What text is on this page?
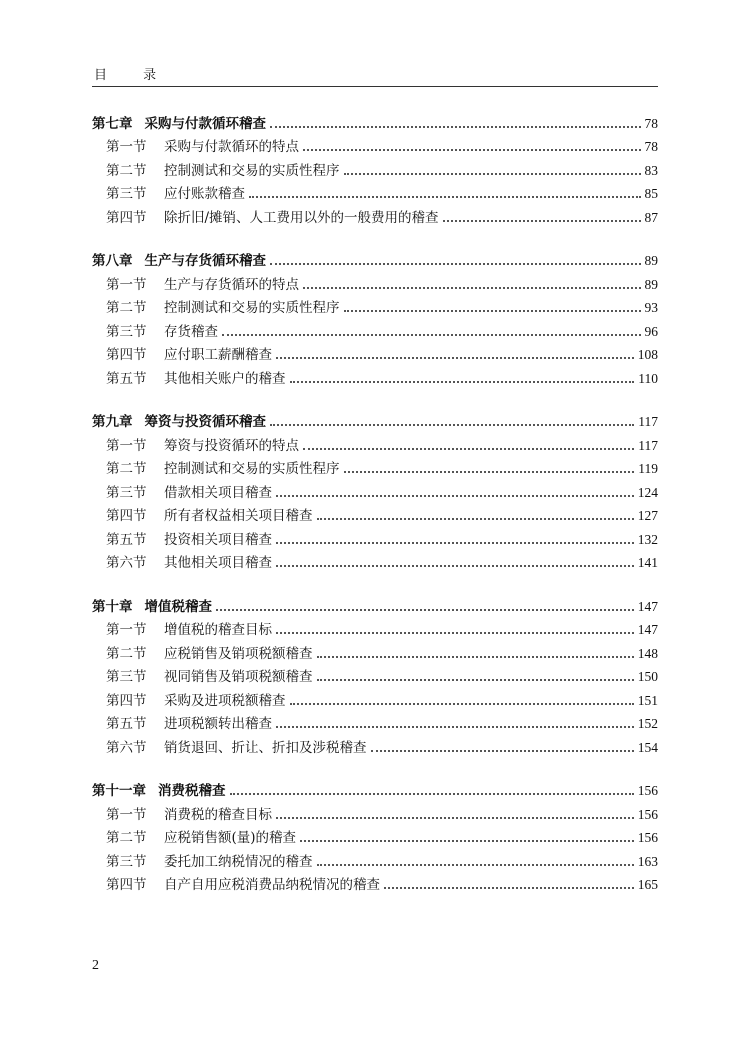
目 录
第七章 采购与付款循环稽查	78
第一节	采购与付款循环的特点	78
第二节	控制测试和交易的实质性程序	83
第三节	应付账款稽查	85
第四节	除折旧/摊销、人工费用以外的一般费用的稽查	87
第八章 生产与存货循环稽查	89
第一节	生产与存货循环的特点	89
第二节	控制测试和交易的实质性程序	93
第三节	存货稽查	96
第四节	应付职工薪酬稽查	108
第五节	其他相关账户的稽查	110
第九章 筹资与投资循环稽查	117
第一节	筹资与投资循环的特点	117
第二节	控制测试和交易的实质性程序	119
第三节	借款相关项目稽查	124
第四节	所有者权益相关项目稽查	127
第五节	投资相关项目稽查	132
第六节	其他相关项目稽查	141
第十章 增值税稽查	147
第一节	增值税的稽查目标	147
第二节	应税销售及销项税额稽查	148
第三节	视同销售及销项税额稽查	150
第四节	采购及进项税额稽查	151
第五节	进项税额转出稽查	152
第六节	销货退回、折让、折扣及涉税稽查	154
第十一章 消费税稽查	156
第一节	消费税的稽查目标	156
第二节	应税销售额(量)的稽查	156
第三节	委托加工纳税情况的稽查	163
第四节	自产自用应税消费品纳税情况的稽查	165
2
